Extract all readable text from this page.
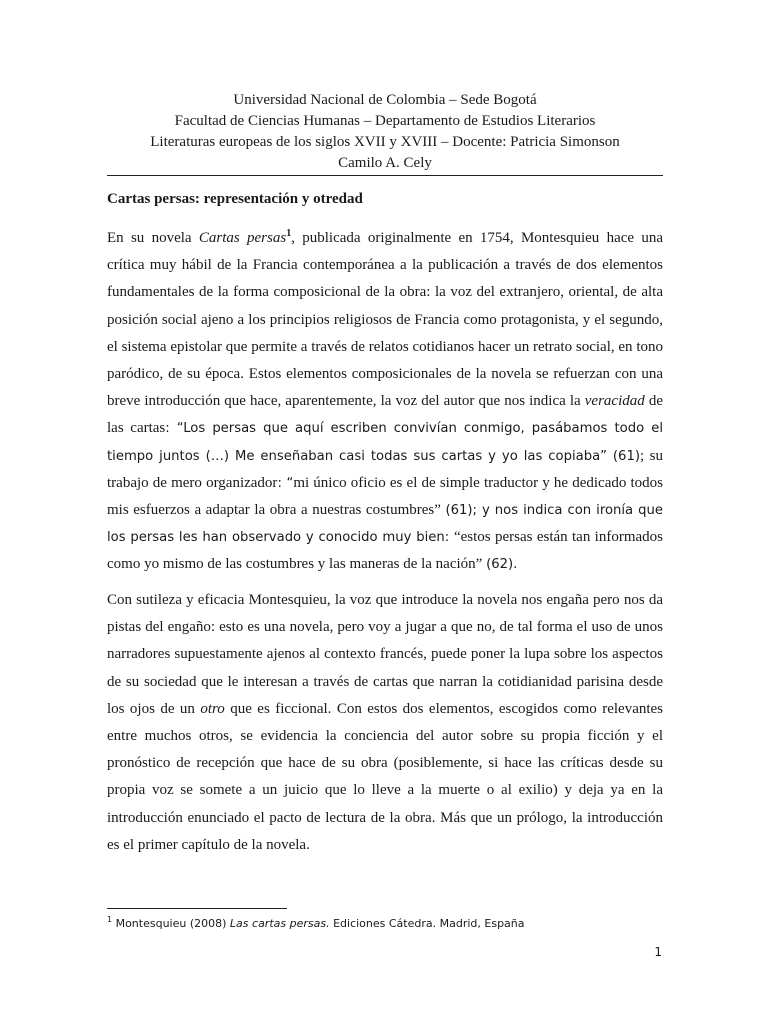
Universidad Nacional de Colombia – Sede Bogotá
Facultad de Ciencias Humanas – Departamento de Estudios Literarios
Literaturas europeas de los siglos XVII y XVIII – Docente: Patricia Simonson
Camilo A. Cely
Cartas persas: representación y otredad

En su novela Cartas persas$^1$, publicada originalmente en 1754, Montesquieu hace una crítica muy hábil de la Francia contemporánea a la publicación a través de dos elementos fundamentales de la forma composicional de la obra: la voz del extranjero, oriental, de alta posición social ajeno a los principios religiosos de Francia como protagonista, y el segundo, el sistema epistolar que permite a través de relatos cotidianos hacer un retrato social, en tono paródico, de su época. Estos elementos composicionales de la novela se refuerzan con una breve introducción que hace, aparentemente, la voz del autor que nos indica la veracidad de las cartas: “Los persas que aquí escriben convivían conmigo, pasábamos todo el tiempo juntos (…) Me enseñaban casi todas sus cartas y yo las copiaba” (61); su trabajo de mero organizador: “mi único oficio es el de simple traductor y he dedicado todos mis esfuerzos a adaptar la obra a nuestras costumbres” (61); y nos indica con ironía que los persas les han observado y conocido muy bien: “estos persas están tan informados como yo mismo de las costumbres y las maneras de la nación” (62).

Con sutileza y eficacia Montesquieu, la voz que introduce la novela nos engaña pero nos da pistas del engaño: esto es una novela, pero voy a jugar a que no, de tal forma el uso de unos narradores supuestamente ajenos al contexto francés, puede poner la lupa sobre los aspectos de su sociedad que le interesan a través de cartas que narran la cotidianidad parisina desde los ojos de un otro que es ficcional. Con estos dos elementos, escogidos como relevantes entre muchos otros, se evidencia la conciencia del autor sobre su propia ficción y el pronóstico de recepción que hace de su obra (posiblemente, si hace las críticas desde su propia voz se somete a un juicio que lo lleve a la muerte o al exilio) y deja ya en la introducción enunciado el pacto de lectura de la obra. Más que un prólogo, la introducción es el primer capítulo de la novela.

$^1$ Montesquieu (2008) Las cartas persas. Ediciones Cátedra. Madrid, España
1
